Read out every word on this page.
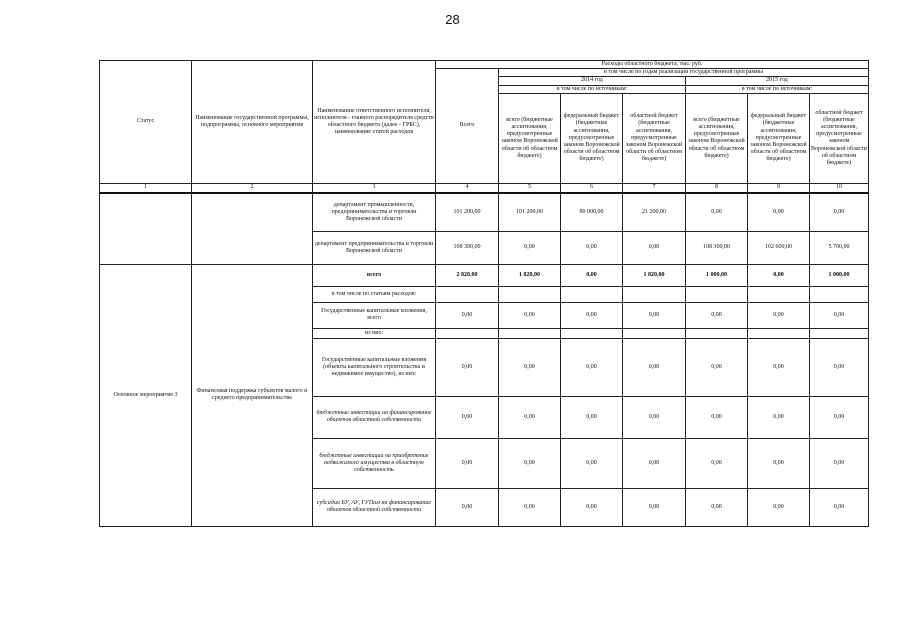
28
Статус	Наименование государственной программы, подпрограммы, основного мероприятия	Наименование ответственного исполнителя, исполнителя - главного распорядителя средств областного бюджета (далее - ГРБС), наименование статей расходов	Расходы областного бюджета, тыс. руб.						
			Всего	в том числе по годам реализации государственной программы					
				2014 год			2015 год		
				в том числе по источникам:			в том числе по источникам:		
				всего (бюджетные ассигнования, предусмотренные законом Воронежской области об областном бюджете)	федеральный бюджет (бюджетные ассигнования, предусмотренные законом Воронежской области об областном бюджете)	областной бюджет (бюджетные ассигнования, предусмотренные законом Воронежской области об областном бюджете)	всего (бюджетные ассигнования, предусмотренные законом Воронежской области об областном бюджете)	федеральный бюджет (бюджетные ассигнования, предусмотренные законом Воронежской области об областном бюджете)	областной бюджет (бюджетные ассигнования, предусмотренные законом Воронежской области об областном бюджете)
1	2	3	4	5	6	7	8	9	10
		департамент промышленности, предпринимательства и торговли Воронежской области	101 200,00	101 200,00	80 000,00	21 200,00	0,00	0,00	0,00
		департамент предпринимательства и торговли Воронежской области	108 300,00	0,00	0,00	0,00	108 300,00	102 600,00	5 700,00
Основное мероприятие 3	Финансовая поддержка субъектов малого и среднего предпринимательства	всего	2 820,00	1 820,00	0,00	1 820,00	1 000,00	0,00	1 000,00
		в том числе по статьям расходов:							
		Государственные капитальные вложения, всего	0,00	0,00	0,00	0,00	0,00	0,00	0,00
		из них:							
		Государственные капитальные вложения (объекты капитального строительства и недвижимое имущество), из них:	0,00	0,00	0,00	0,00	0,00	0,00	0,00
		бюджетные инвестиции на финансирование объектов областной собственности	0,00	0,00	0,00	0,00	0,00	0,00	0,00
		бюджетные инвестиции на приобретение недвижимого имущества в областную собственность	0,00	0,00	0,00	0,00	0,00	0,00	0,00
		субсидии БУ, АУ, ГУПам на финансирование объектов областной собственности	0,00	0,00	0,00	0,00	0,00	0,00	0,00
